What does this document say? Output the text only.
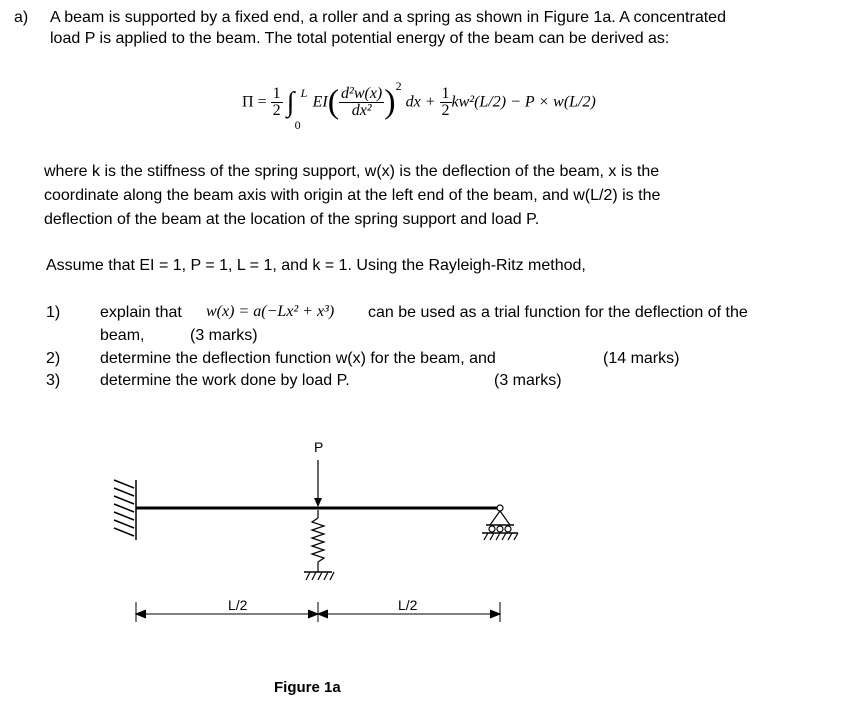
a) A beam is supported by a fixed end, a roller and a spring as shown in Figure 1a. A concentrated
load P is applied to the beam. The total potential energy of the beam can be derived as:
$\Pi = \frac{1}{2}$ ∫ L
0
$EI( \frac{\text{d²w(x)}}{\text{dx²}} )^2$ dx + $\frac{1}{2} kw^2(L/2) - P \times w(L/2)$
where k is the stiffness of the spring support, w(x) is the deflection of the beam, x is the
coordinate along the beam axis with origin at the left end of the beam, and w(L/2) is the
deflection of the beam at the location of the spring support and load P.
Assume that EI = 1, P = 1, L = 1, and k = 1. Using the Rayleigh-Ritz method,
1) explain that w(x) = a(−Lx² + x³) can be used as a trial function for the deflection of the
beam,	(3 marks)
2) determine the deflection function w(x) for the beam, and	(14 marks)
3) determine the work done by load P.	(3 marks)
P
L/2	L/2
Figure 1a
